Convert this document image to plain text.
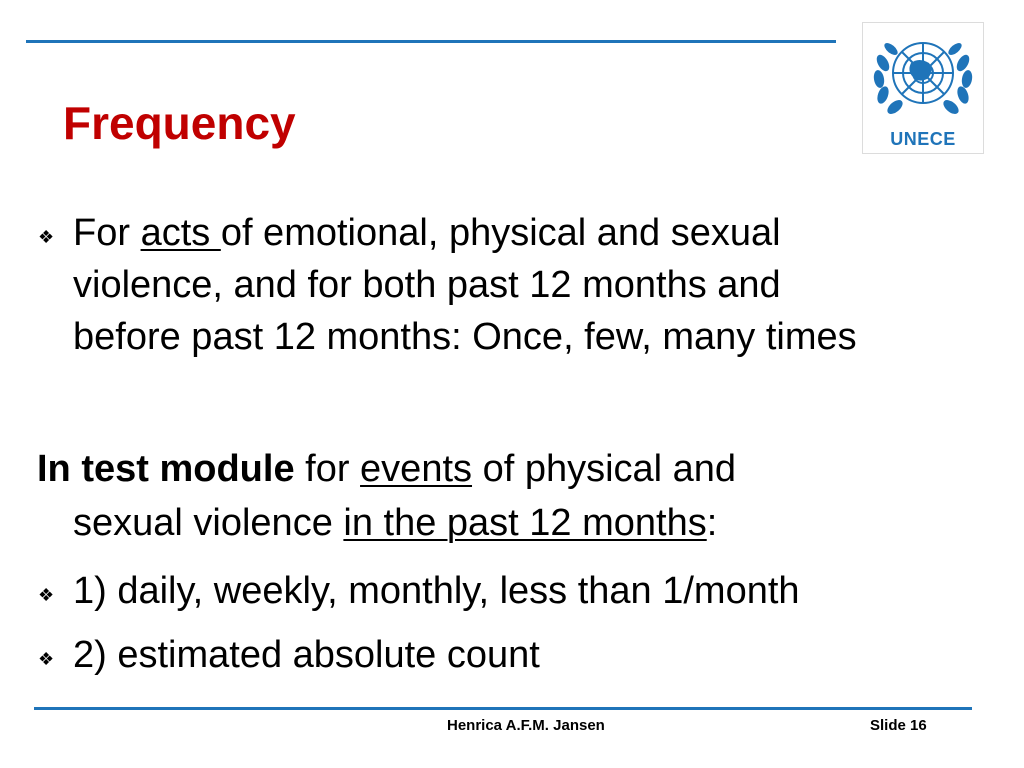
Frequency	UNECE
❖ For acts of emotional, physical and sexual

violence, and for both past 12 months and

before past 12 months: Once, few, many times

In test module for events of physical and

sexual violence in the past 12 months:

❖ 1) daily, weekly, monthly, less than 1/month

❖ 2) estimated absolute count

Henrica A.F.M. Jansen	Slide 16
